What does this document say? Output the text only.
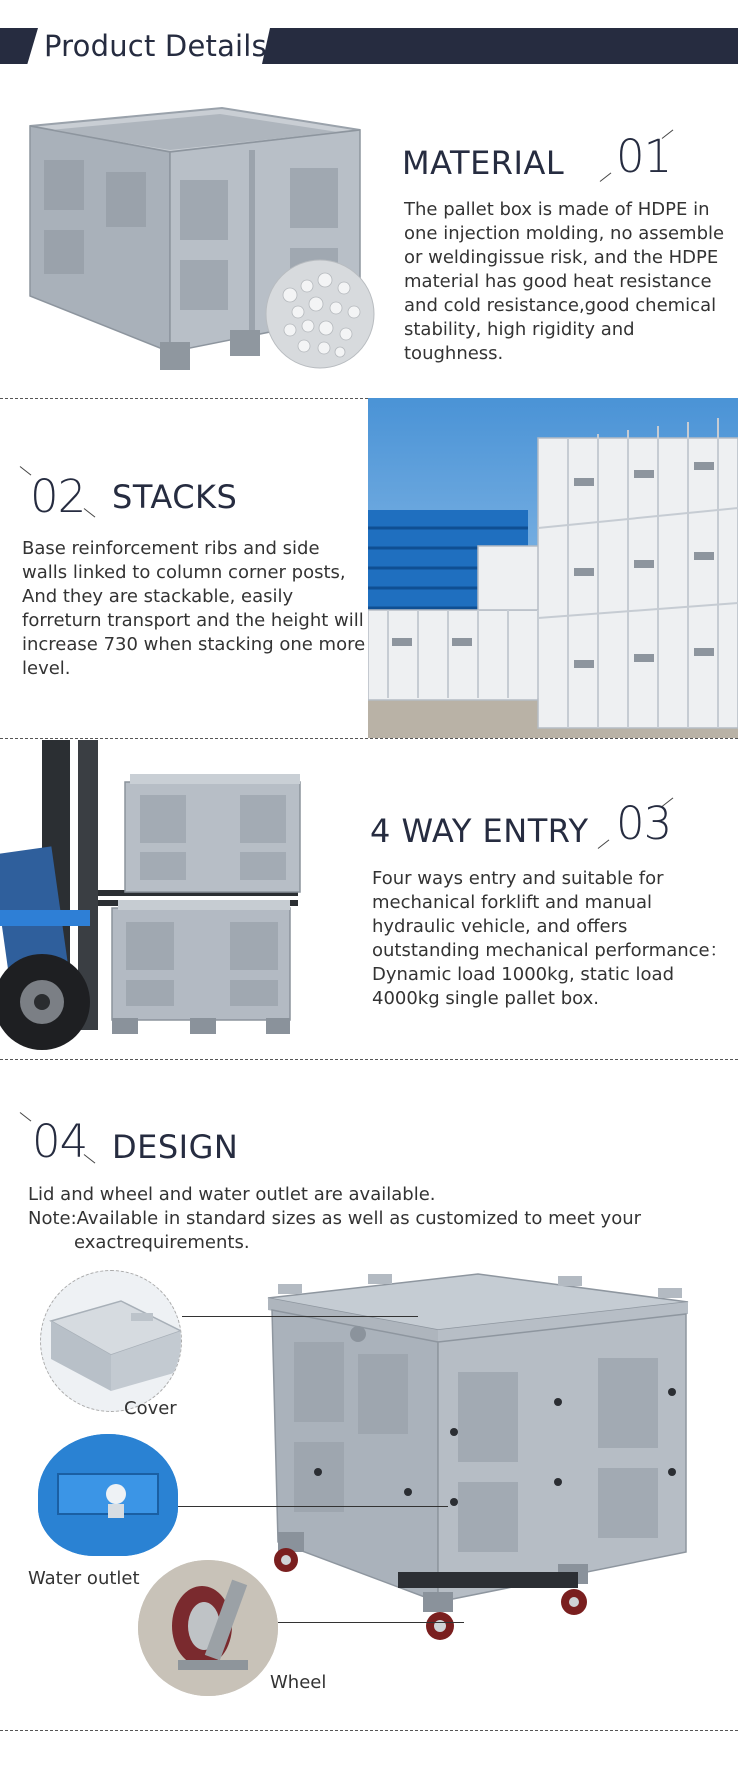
Product Details
MATERIAL 01
The pallet box is made of HDPE in one injection molding, no assemble or weldingissue risk, and the HDPE material has good heat resistance and cold resistance,good chemical stability, high rigidity and toughness.
02 STACKS
Base reinforcement ribs and side walls linked to column corner posts, And they are stackable, easily forreturn transport and the height will increase 730 when stacking one more level.
4 WAY ENTRY 03
Four ways entry and suitable for mechanical forklift and manual hydraulic vehicle, and offers outstanding mechanical performance：Dynamic load 1000kg, static load 4000kg single pallet box.
04 DESIGN
Lid and wheel and water outlet are available.
Note:Available in standard sizes as well as customized to meet your
exactrequirements.
Cover
Water outlet
Wheel
